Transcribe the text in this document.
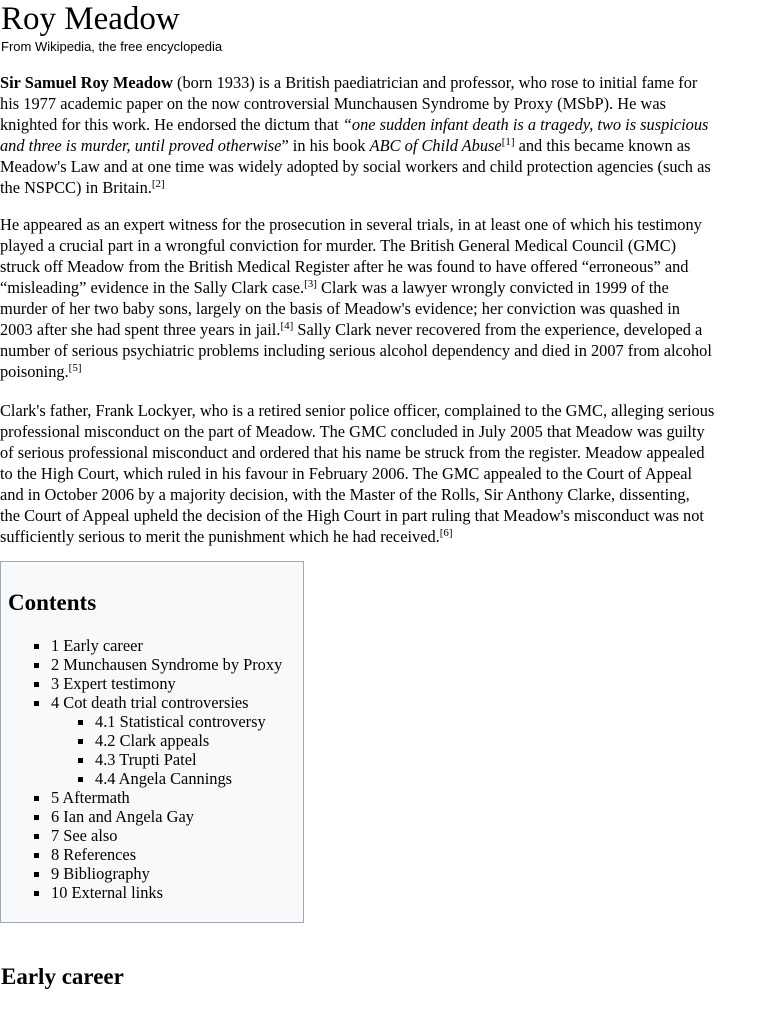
Roy Meadow
From Wikipedia, the free encyclopedia
Sir Samuel Roy Meadow (born 1933) is a British paediatrician and professor, who rose to initial fame for
his 1977 academic paper on the now controversial Munchausen Syndrome by Proxy (MSbP). He was
knighted for this work. He endorsed the dictum that “one sudden infant death is a tragedy, two is suspicious
and three is murder, until proved otherwise” in his book ABC of Child Abuse[1] and this became known as
Meadow's Law and at one time was widely adopted by social workers and child protection agencies (such as
the NSPCC) in Britain.[2]
He appeared as an expert witness for the prosecution in several trials, in at least one of which his testimony
played a crucial part in a wrongful conviction for murder. The British General Medical Council (GMC)
struck off Meadow from the British Medical Register after he was found to have offered “erroneous” and
“misleading” evidence in the Sally Clark case.[3] Clark was a lawyer wrongly convicted in 1999 of the
murder of her two baby sons, largely on the basis of Meadow's evidence; her conviction was quashed in
2003 after she had spent three years in jail.[4] Sally Clark never recovered from the experience, developed a
number of serious psychiatric problems including serious alcohol dependency and died in 2007 from alcohol
poisoning.[5]
Clark's father, Frank Lockyer, who is a retired senior police officer, complained to the GMC, alleging serious
professional misconduct on the part of Meadow. The GMC concluded in July 2005 that Meadow was guilty
of serious professional misconduct and ordered that his name be struck from the register. Meadow appealed
to the High Court, which ruled in his favour in February 2006. The GMC appealed to the Court of Appeal
and in October 2006 by a majority decision, with the Master of the Rolls, Sir Anthony Clarke, dissenting,
the Court of Appeal upheld the decision of the High Court in part ruling that Meadow's misconduct was not
sufficiently serious to merit the punishment which he had received.[6]
Contents
1 Early career
2 Munchausen Syndrome by Proxy
3 Expert testimony
4 Cot death trial controversies
4.1 Statistical controversy
4.2 Clark appeals
4.3 Trupti Patel
4.4 Angela Cannings
5 Aftermath
6 Ian and Angela Gay
7 See also
8 References
9 Bibliography
10 External links
Early career
